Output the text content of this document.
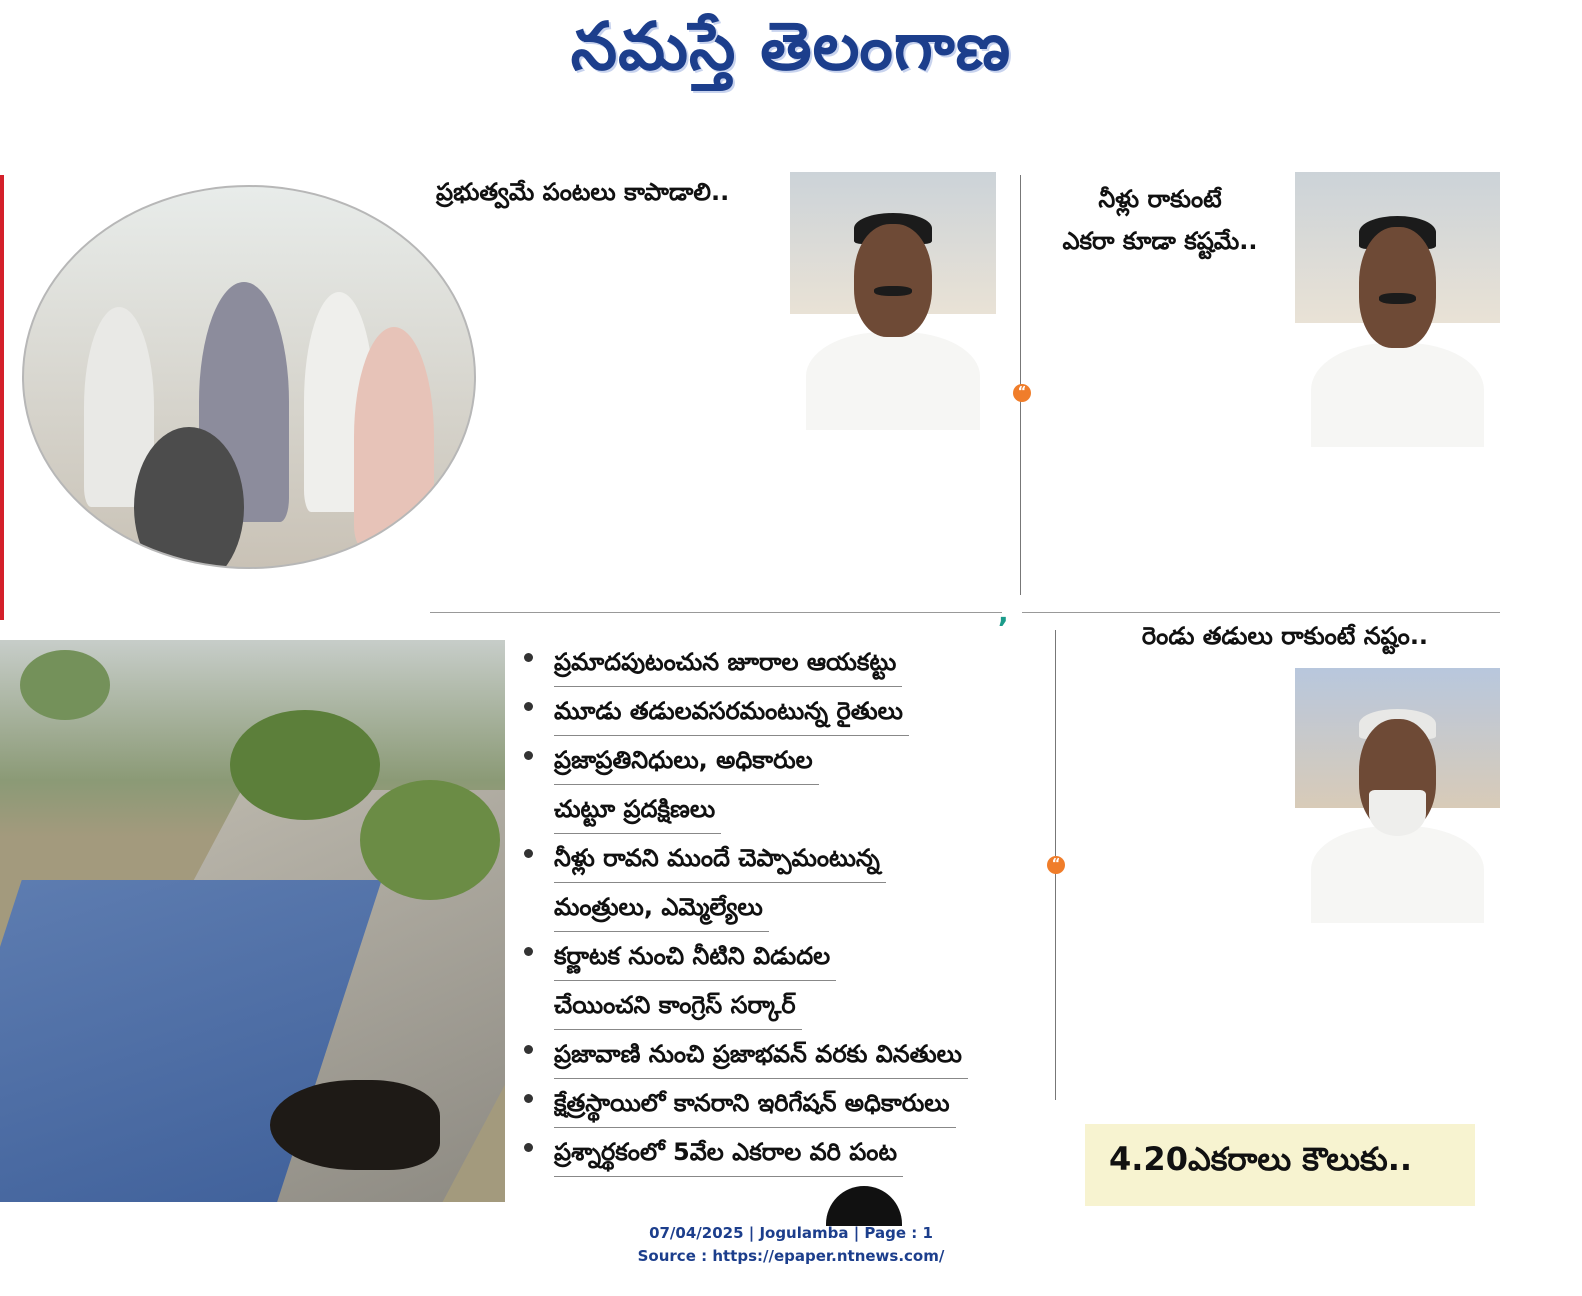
నమస్తే తెలంగాణ
ప్రభుత్వమే పంటలు కాపాడాలి..
“
నీళ్లు రాకుంటే
ఎకరా కూడా కష్టమే..
,
ప్రమాదపుటంచున జూరాల ఆయకట్టు
మూడు తడులవసరమంటున్న రైతులు
ప్రజాప్రతినిధులు, అధికారుల
చుట్టూ ప్రదక్షిణలు
నీళ్లు రావని ముందే చెప్పామంటున్న
మంత్రులు, ఎమ్మెల్యేలు
కర్ణాటక నుంచి నీటిని విడుదల
చేయించని కాంగ్రెస్ సర్కార్
ప్రజావాణి నుంచి ప్రజాభవన్ వరకు వినతులు
క్షేత్రస్థాయిలో కానరాని ఇరిగేషన్ అధికారులు
ప్రశ్నార్థకంలో 5వేల ఎకరాల వరి పంట
“
రెండు తడులు రాకుంటే నష్టం..
4.20ఎకరాలు కౌలుకు..
07/04/2025 | Jogulamba | Page : 1
Source : https://epaper.ntnews.com/
